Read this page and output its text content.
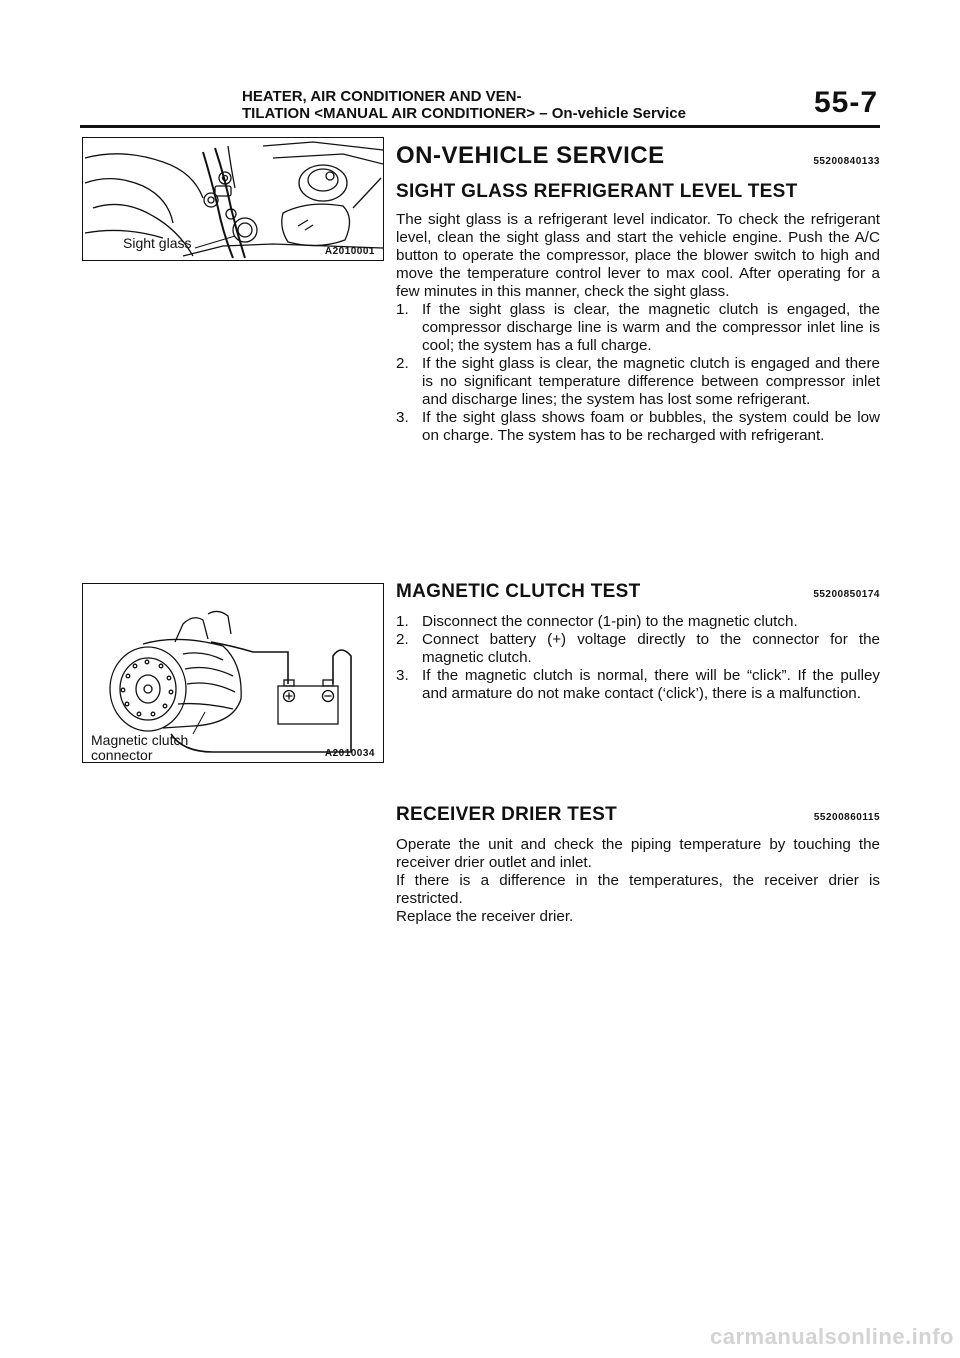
HEATER, AIR CONDITIONER AND VEN-
TILATION <MANUAL AIR CONDITIONER> – On-vehicle Service	55-7
Sight glass
A2010001
Magnetic clutch
connector	A2010034
ON-VEHICLE SERVICE	55200840133
SIGHT GLASS REFRIGERANT LEVEL TEST

The sight glass is a refrigerant level indicator. To check the refrigerant level, clean the sight glass and start the vehicle engine. Push the A/C button to operate the compressor, place the blower switch to high and move the temperature control lever to max cool. After operating for a few minutes in this manner, check the sight glass.

1. If the sight glass is clear, the magnetic clutch is engaged, the compressor discharge line is warm and the compressor inlet line is cool; the system has a full charge.
2. If the sight glass is clear, the magnetic clutch is engaged and there is no significant temperature difference between compressor inlet and discharge lines; the system has lost some refrigerant.
3. If the sight glass shows foam or bubbles, the system could be low on charge. The system has to be recharged with refrigerant.
MAGNETIC CLUTCH TEST	55200850174
1. Disconnect the connector (1-pin) to the magnetic clutch.
2. Connect battery (+) voltage directly to the connector for the magnetic clutch.
3. If the magnetic clutch is normal, there will be “click”. If the pulley and armature do not make contact (‘click’), there is a malfunction.
RECEIVER DRIER TEST	55200860115

Operate the unit and check the piping temperature by touching the receiver drier outlet and inlet.

If there is a difference in the temperatures, the receiver drier is restricted.

Replace the receiver drier.

carmanualsonline.info
